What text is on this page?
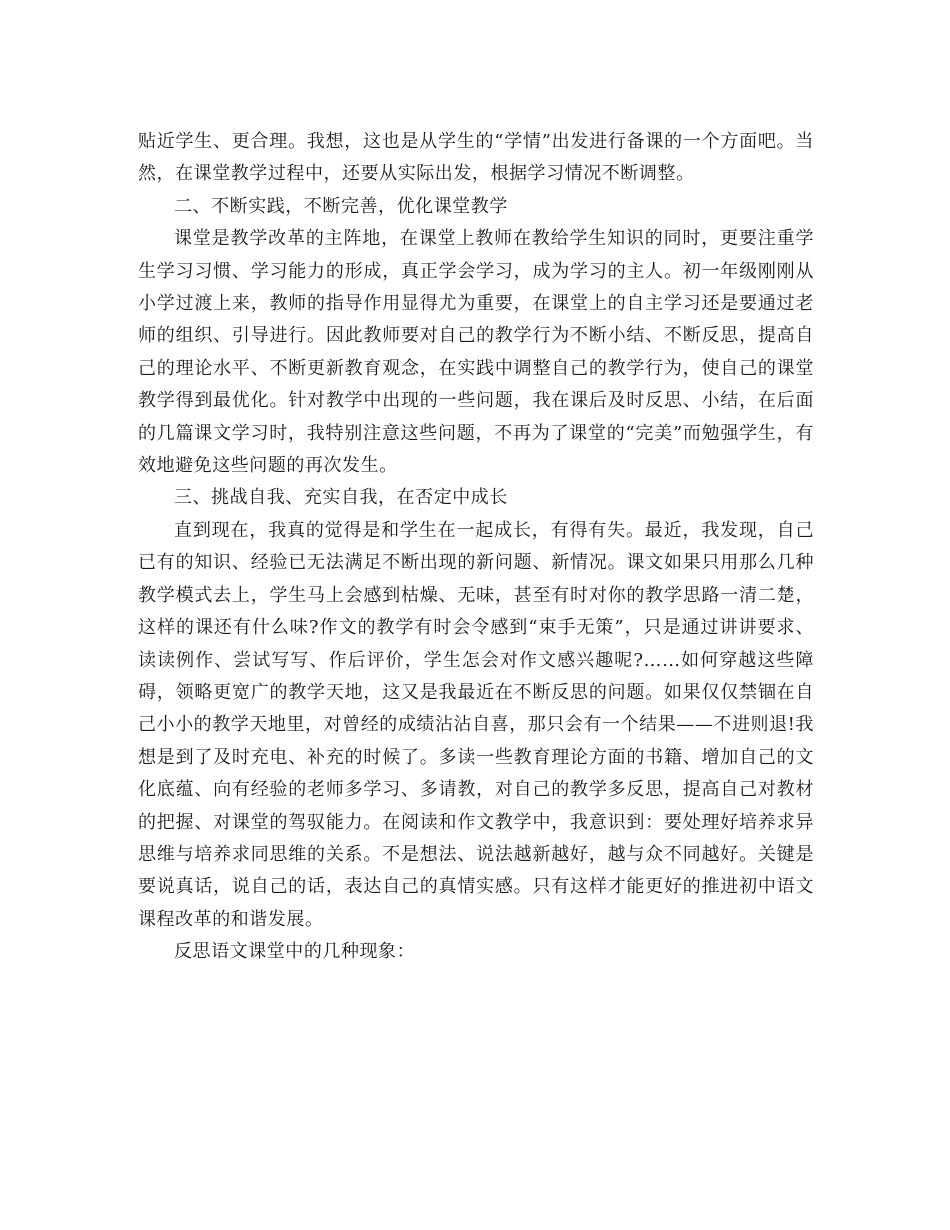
贴近学生、更合理。我想，这也是从学生的“学情”出发进行备课的一个方面吧。当然，在课堂教学过程中，还要从实际出发，根据学习情况不断调整。

二、不断实践，不断完善，优化课堂教学

课堂是教学改革的主阵地，在课堂上教师在教给学生知识的同时，更要注重学生学习习惯、学习能力的形成，真正学会学习，成为学习的主人。初一年级刚刚从小学过渡上来，教师的指导作用显得尤为重要，在课堂上的自主学习还是要通过老师的组织、引导进行。因此教师要对自己的教学行为不断小结、不断反思，提高自己的理论水平、不断更新教育观念，在实践中调整自己的教学行为，使自己的课堂教学得到最优化。针对教学中出现的一些问题，我在课后及时反思、小结，在后面的几篇课文学习时，我特别注意这些问题，不再为了课堂的“完美”而勉强学生，有效地避免这些问题的再次发生。

三、挑战自我、充实自我，在否定中成长

直到现在，我真的觉得是和学生在一起成长，有得有失。最近，我发现，自己已有的知识、经验已无法满足不断出现的新问题、新情况。课文如果只用那么几种教学模式去上，学生马上会感到枯燥、无味，甚至有时对你的教学思路一清二楚，这样的课还有什么味?作文的教学有时会令感到“束手无策”，只是通过讲讲要求、读读例作、尝试写写、作后评价，学生怎会对作文感兴趣呢?……如何穿越这些障碍，领略更宽广的教学天地，这又是我最近在不断反思的问题。如果仅仅禁锢在自己小小的教学天地里，对曾经的成绩沾沾自喜，那只会有一个结果——不进则退!我想是到了及时充电、补充的时候了。多读一些教育理论方面的书籍、增加自己的文化底蕴、向有经验的老师多学习、多请教，对自己的教学多反思，提高自己对教材的把握、对课堂的驾驭能力。在阅读和作文教学中，我意识到：要处理好培养求异思维与培养求同思维的关系。不是想法、说法越新越好，越与众不同越好。关键是要说真话，说自己的话，表达自己的真情实感。只有这样才能更好的推进初中语文课程改革的和谐发展。

反思语文课堂中的几种现象：
